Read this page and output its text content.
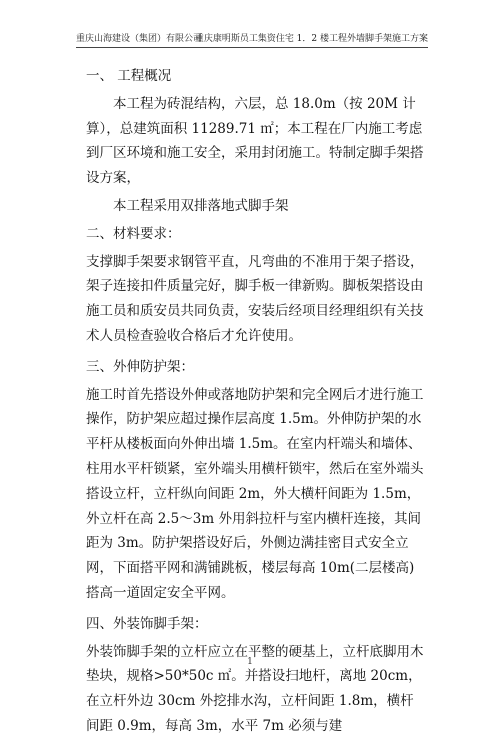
重庆山海建设（集团）有限公司
重庆康明斯员工集资住宅 1．2 楼工程外墙脚手架施工方案

一、 工程概况

本工程为砖混结构，六层，总 18.0m（按 20M 计算），总建筑面积 11289.71 ㎡；本工程在厂内施工考虑到厂区环境和施工安全，采用封闭施工。特制定脚手架搭设方案，

本工程采用双排落地式脚手架

二、材料要求：

支撑脚手架要求钢管平直，凡弯曲的不准用于架子搭设，架子连接扣件质量完好，脚手板一律新购。脚板架搭设由施工员和质安员共同负责，安装后经项目经理组织有关技术人员检查验收合格后才允许使用。

三、外伸防护架：

施工时首先搭设外伸或落地防护架和完全网后才进行施工操作，防护架应超过操作层高度 1.5m。外伸防护架的水平杆从楼板面向外伸出墙 1.5m。在室内杆端头和墙体、柱用水平杆锁紧，室外端头用横杆锁牢，然后在室外端头搭设立杆，立杆纵向间距 2m，外大横杆间距为 1.5m，外立杆在高 2.5～3m 外用斜拉杆与室内横杆连接，其间距为 3m。防护架搭设好后，外侧边满挂密目式安全立网，下面搭平网和满铺跳板，楼层每高 10m(二层楼高)搭高一道固定安全平网。

四、外装饰脚手架：

外装饰脚手架的立杆应立在平整的硬基上，立杆底脚用木垫块，规格>50*50c ㎡。并搭设扫地杆，离地 20cm，在立杆外边 30cm 外挖排水沟，立杆间距 1.8m，横杆间距 0.9m，每高 3m，水平 7m 必须与建

1
